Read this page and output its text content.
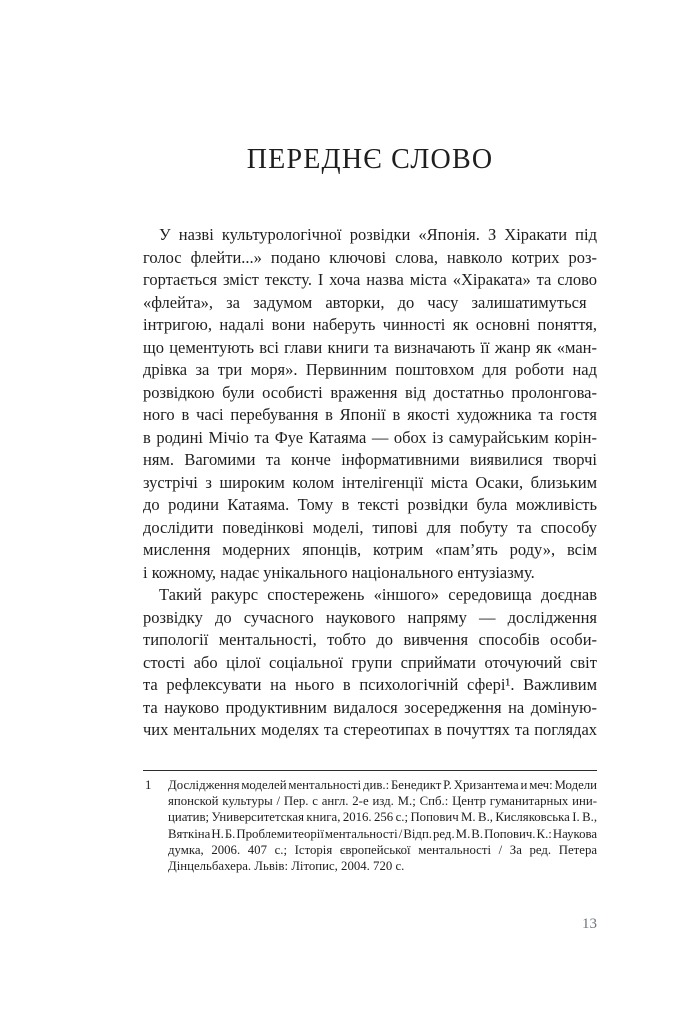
ПЕРЕДНЄ СЛОВО
У назві культурологічної розвідки «Японія. З Хіракати під
голос флейти...» подано ключові слова, навколо котрих роз-
гортається зміст тексту. І хоча назва міста «Хіраката» та слово
«флейта», за задумом авторки, до часу залишатимуться
інтригою, надалі вони наберуть чинності як основні поняття,
що цементують всі глави книги та визначають її жанр як «ман-
дрівка за три моря». Первинним поштовхом для роботи над
розвідкою були особисті враження від достатньо пролонгова-
ного в часі перебування в Японії в якості художника та гостя
в родині Мічіо та Фуе Катаяма — обох із самурайським корін-
ням. Вагомими та конче інформативними виявилися творчі
зустрічі з широким колом інтелігенції міста Осаки, близьким
до родини Катаяма. Тому в тексті розвідки була можливість
дослідити поведінкові моделі, типові для побуту та способу
мислення модерних японців, котрим «пам’ять роду», всім
і кожному, надає унікального національного ентузіазму.
Такий ракурс спостережень «іншого» середовища доєднав
розвідку до сучасного наукового напряму — дослідження
типології ментальності, тобто до вивчення способів особи-
стості або цілої соціальної групи сприймати оточуючий світ
та рефлексувати на нього в психологічній сфері¹. Важливим
та науково продуктивним видалося зосередження на доміную-
чих ментальних моделях та стереотипах в почуттях та поглядах
1	Дослідження моделей ментальності див.: Бенедикт Р. Хризантема и меч: Модели
японской культуры / Пер. с англ. 2-е изд. М.; Спб.: Центр гуманитарных ини-
циатив; Университетская книга, 2016. 256 с.; Попович М. В., Кисляковська І. В.,
Вяткіна Н. Б. Проблеми теорії ментальності / Відп. ред. М. В. Попович. К.: Наукова
думка, 2006. 407 с.; Історія європейської ментальності / За ред. Петера
Дінцельбахера. Львів: Літопис, 2004. 720 с.
13
